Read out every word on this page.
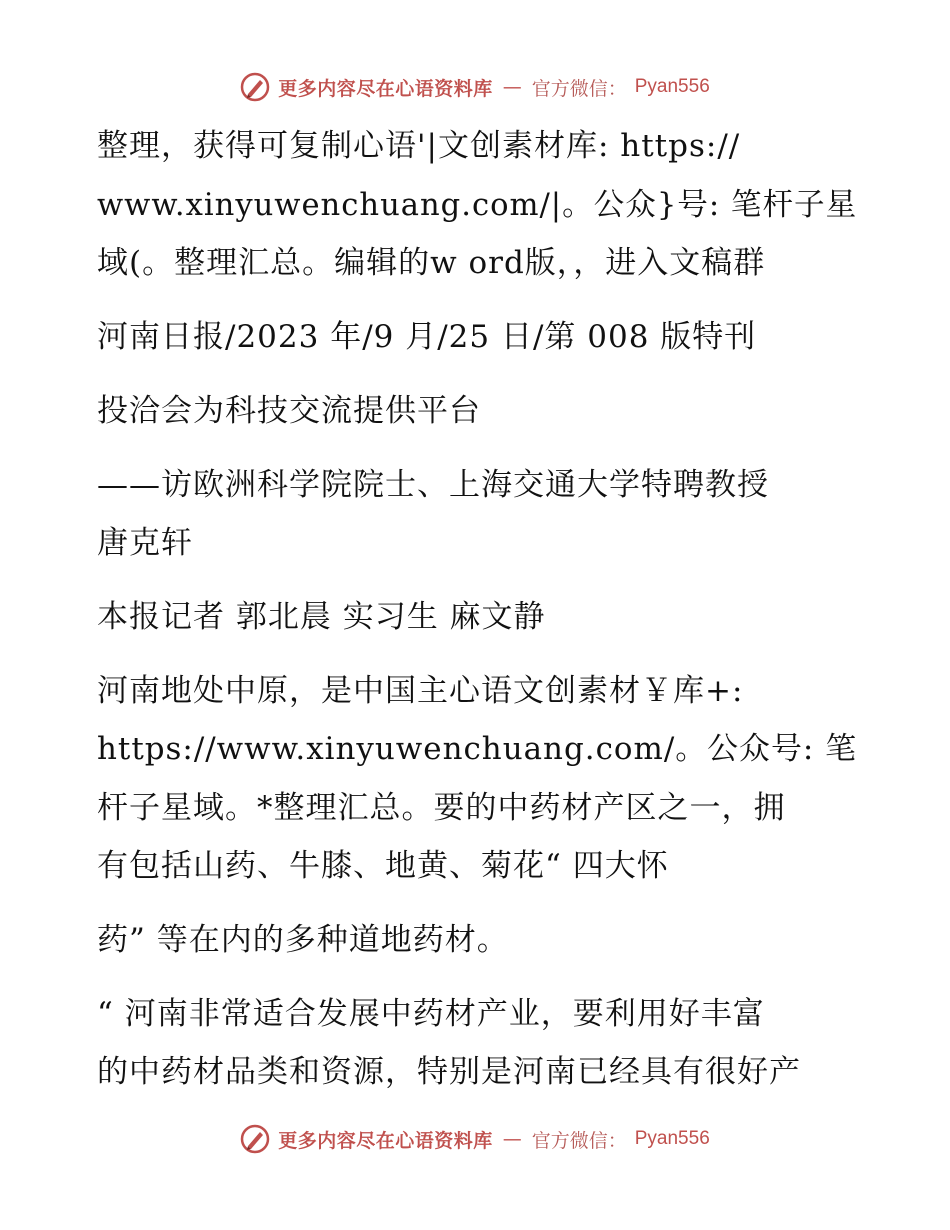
更多内容尽在心语资料库 — 官方微信： Pyan556
整理，获得可复制心语'|文创素材库: https://
www.xinyuwenchuang.com/|。公众}号: 笔杆子星
域(。整理汇总。编辑的w ord版，，进入文稿群
河南日报/2023 年/9 月/25 日/第 008 版特刊
投洽会为科技交流提供平台
——访欧洲科学院院士、上海交通大学特聘教授
唐克轩
本报记者 郭北晨 实习生 麻文静
河南地处中原，是中国主心语文创素材￥库+:
https://www.xinyuwenchuang.com/。公众号: 笔
杆子星域。*整理汇总。要的中药材产区之一，拥
有包括山药、牛膝、地黄、菊花“ 四大怀
药” 等在内的多种道地药材。
“ 河南非常适合发展中药材产业，要利用好丰富
的中药材品类和资源，特别是河南已经具有很好产
更多内容尽在心语资料库 — 官方微信： Pyan556
